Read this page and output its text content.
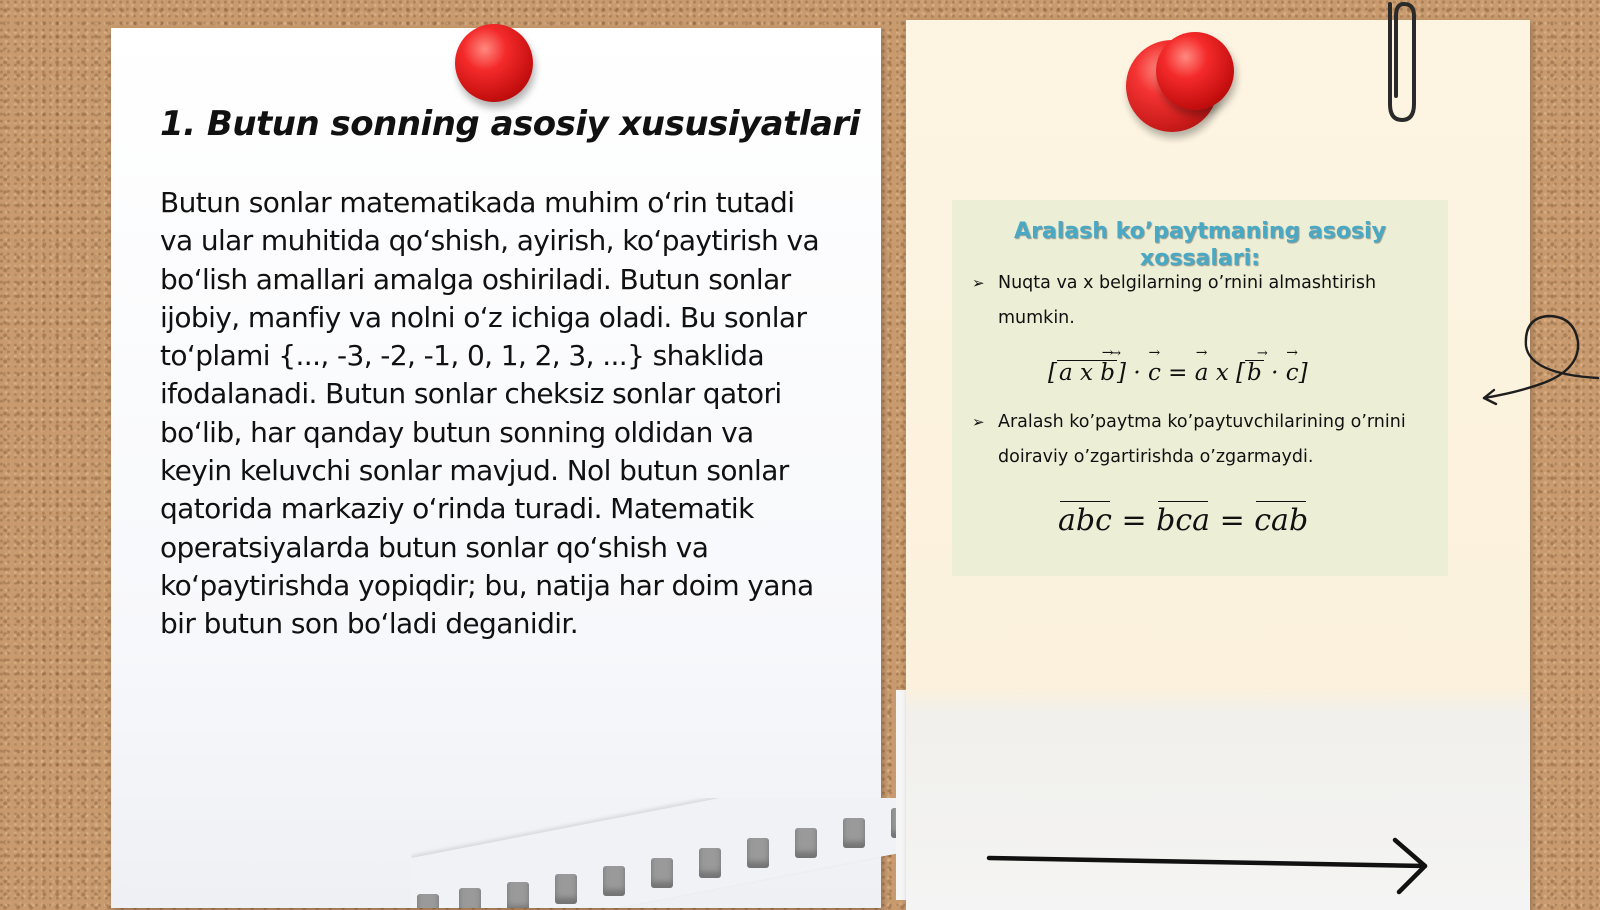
1. Butun sonning asosiy xususiyatlari

Butun sonlar matematikada muhim o‘rin tutadi va ular muhitida qo‘shish, ayirish, ko‘paytirish va bo‘lish amallari amalga oshiriladi. Butun sonlar ijobiy, manfiy va nolni o‘z ichiga oladi. Bu sonlar to‘plami {..., -3, -2, -1, 0, 1, 2, 3, ...} shaklida ifodalanadi. Butun sonlar cheksiz sonlar qatori bo‘lib, har qanday butun sonning oldidan va keyin keluvchi sonlar mavjud. Nol butun sonlar qatorida markaziy o‘rinda turadi. Matematik operatsiyalarda butun sonlar qo‘shish va ko‘paytirishda yopiqdir; bu, natija har doim yana bir butun son bo‘ladi deganidir.

Aralash ko’paytmaning asosiy xossalari:
➢ Nuqta va x belgilarning o’rnini almashtirish mumkin.
[a x b → →] · c → = a → x [b → · c →]
➢ Aralash ko’paytma ko’paytuvchilarining o’rnini doiraviy o’zgartirishda o’zgarmaydi.
abc = bca = cab
